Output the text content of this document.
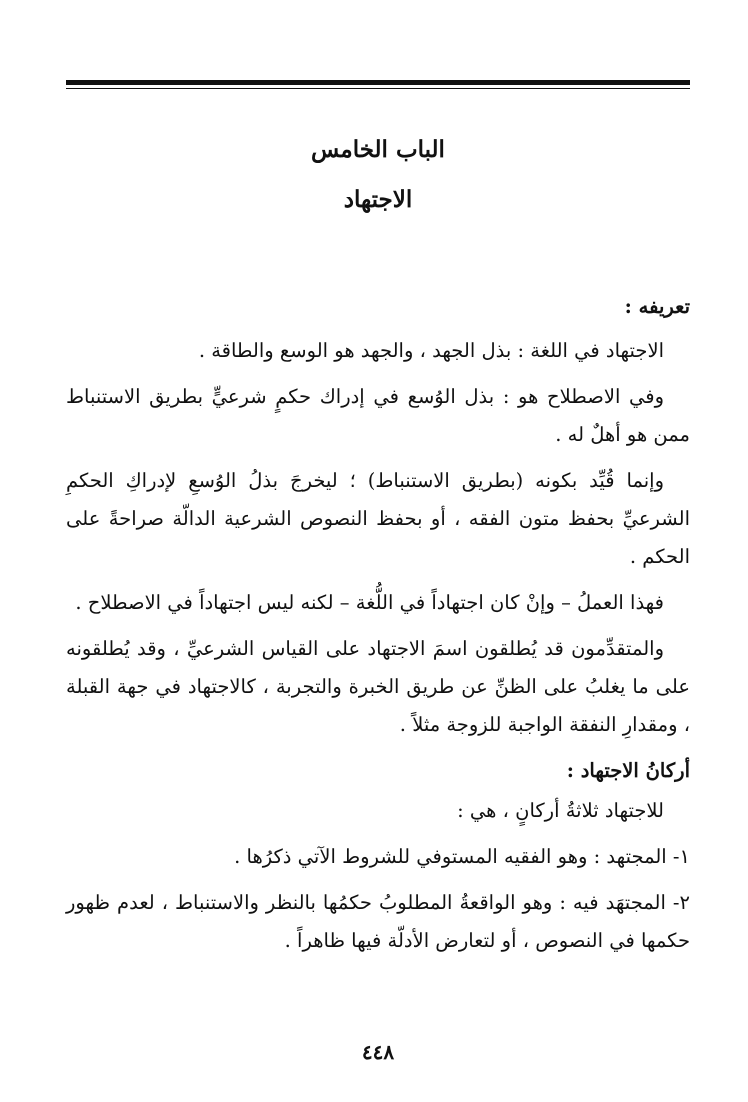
الباب الخامس
الاجتهاد

تعريفه :

الاجتهاد في اللغة : بذل الجهد ، والجهد هو الوسع والطاقة .

وفي الاصطلاح هو : بذل الوُسع في إدراك حكمٍ شرعيٍّ بطريق الاستنباط ممن هو أهلٌ له .

وإنما قُيِّد بكونه (بطريق الاستنباط) ؛ ليخرجَ بذلُ الوُسعِ لإدراكِ الحكمِ الشرعيِّ بحفظ متون الفقه ، أو بحفظ النصوص الشرعية الدالّة صراحةً على الحكم .

فهذا العملُ – وإنْ كان اجتهاداً في اللُّغة – لكنه ليس اجتهاداً في الاصطلاح .

والمتقدِّمون قد يُطلقون اسمَ الاجتهاد على القياس الشرعيِّ ، وقد يُطلقونه على ما يغلبُ على الظنِّ عن طريق الخبرة والتجربة ، كالاجتهاد في جهة القبلة ، ومقدارِ النفقة الواجبة للزوجة مثلاً .

أركانُ الاجتهاد :

للاجتهاد ثلاثةُ أركانٍ ، هي :

١- المجتهد : وهو الفقيه المستوفي للشروط الآتي ذكرُها .

٢- المجتهَد فيه : وهو الواقعةُ المطلوبُ حكمُها بالنظر والاستنباط ، لعدم ظهور حكمها في النصوص ، أو لتعارض الأدلّة فيها ظاهراً .

٤٤٨
